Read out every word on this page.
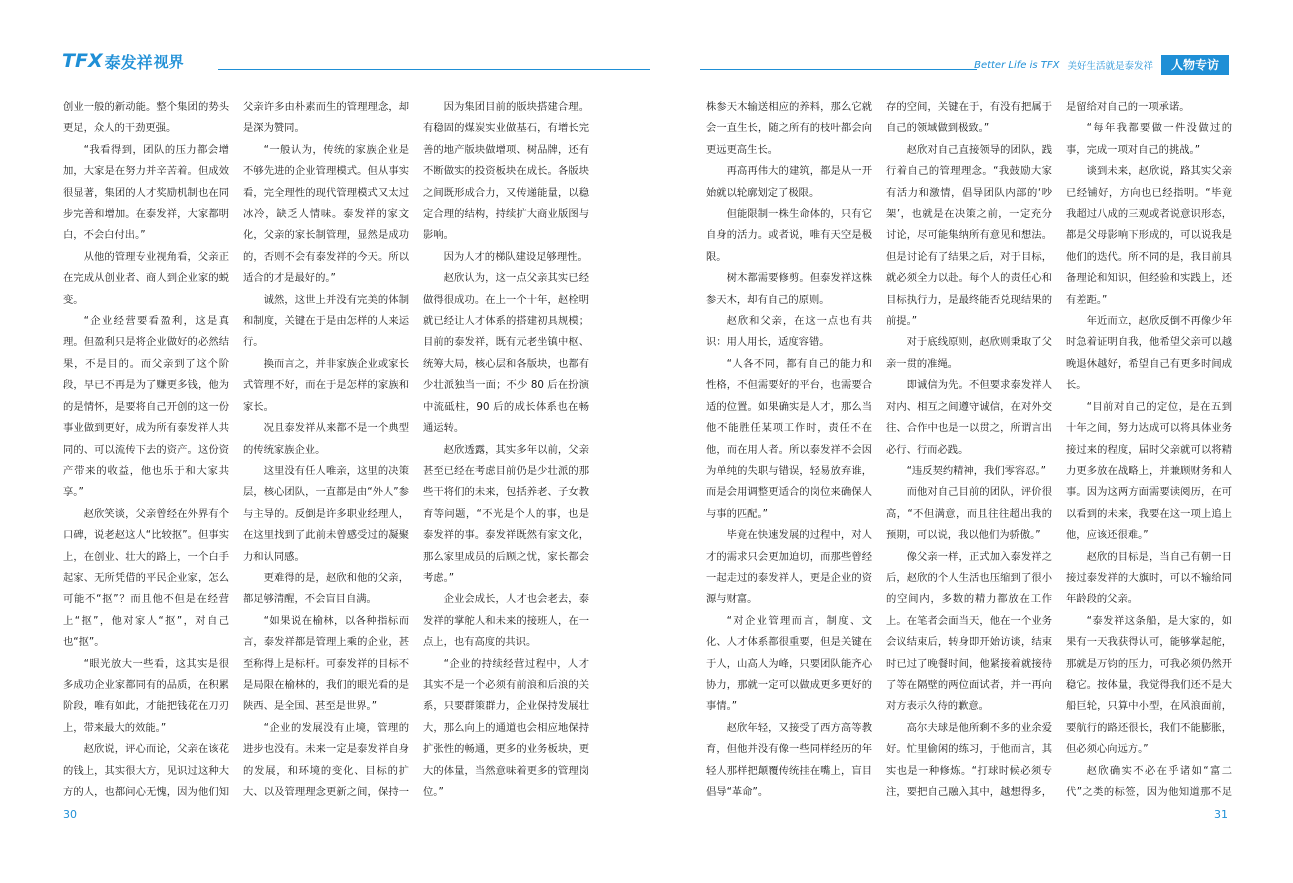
TFX 泰发祥 视界	Better Life is TFX 美好生活就是泰发祥	人物专访

创业一般的新动能。整个集团的势头更足，众人的干劲更强。

“我看得到，团队的压力都会增加，大家是在努力并辛苦着。但成效很显著，集团的人才奖励机制也在同步完善和增加。在泰发祥，大家都明白，不会白付出。”

从他的管理专业视角看，父亲正在完成从创业者、商人到企业家的蜕变。

“企业经营要看盈利，这是真理。但盈利只是将企业做好的必然结果，不是目的。而父亲到了这个阶段，早已不再是为了赚更多钱，他为的是情怀，是要将自己开创的这一份事业做到更好，成为所有泰发祥人共同的、可以流传下去的资产。这份资产带来的收益，他也乐于和大家共享。”

赵欣笑谈，父亲曾经在外界有个口碑，说老赵这人“比较抠”。但事实上，在创业、壮大的路上，一个白手起家、无所凭借的平民企业家，怎么可能不“抠”？而且他不但是在经营上“抠”，他对家人“抠”，对自己也“抠”。

“眼光放大一些看，这其实是很多成功企业家都同有的品质，在积累阶段，唯有如此，才能把钱花在刀刃上，带来最大的效能。”

赵欣说，评心而论，父亲在该花的钱上，其实很大方，见识过这种大方的人，也都问心无愧，因为他们知

父亲许多由朴素而生的管理理念，却是深为赞同。

“一般认为，传统的家族企业是不够先进的企业管理模式。但从事实看，完全理性的现代管理模式又太过冰冷，缺乏人情味。泰发祥的家文化，父亲的家长制管理，显然是成功的，否则不会有泰发祥的今天。所以适合的才是最好的。”

诚然，这世上并没有完美的体制和制度，关键在于是由怎样的人来运行。

换而言之，并非家族企业或家长式管理不好，而在于是怎样的家族和家长。

况且泰发祥从来都不是一个典型的传统家族企业。

这里没有任人唯亲，这里的决策层，核心团队，一直都是由“外人”参与主导的。反倒是许多职业经理人，在这里找到了此前未曾感受过的凝聚力和认同感。

更难得的是，赵欣和他的父亲，都足够清醒，不会盲目自满。

“如果说在榆林，以各种指标而言，泰发祥都是管理上乘的企业，甚至称得上是标杆。可泰发祥的目标不是局限在榆林的，我们的眼光看的是陕西、是全国、甚至是世界。”

“企业的发展没有止境，管理的进步也没有。未来一定是泰发祥自身的发展，和环境的变化、目标的扩大、以及管理理念更新之间，保持一

因为集团目前的版块搭建合理。有稳固的煤炭实业做基石，有增长完善的地产版块做增项、树品牌，还有不断做实的投资板块在成长。各版块之间既形成合力，又传递能量，以稳定合理的结构，持续扩大商业版图与影响。

因为人才的梯队建设足够理性。

赵欣认为，这一点父亲其实已经做得很成功。在上一个十年，赵栓明就已经让人才体系的搭建初具规模；目前的泰发祥，既有元老坐镇中枢、统筹大局，核心层和各版块，也都有少壮派独当一面；不少 80 后在扮演中流砥柱，90 后的成长体系也在畅通运转。

赵欣透露，其实多年以前，父亲甚至已经在考虑目前仍是少壮派的那些干将们的未来，包括养老、子女教育等问题，“不光是个人的事，也是泰发祥的事。泰发祥既然有家文化，那么家里成员的后顾之忧，家长都会考虑。”

企业会成长，人才也会老去，泰发祥的掌舵人和未来的接班人，在一点上，也有高度的共识。

“企业的持续经营过程中，人才其实不是一个必须有前浪和后浪的关系，只要群策群力，企业保持发展壮大，那么向上的通道也会相应地保持扩张性的畅通，更多的业务板块，更大的体量，当然意味着更多的管理岗位。”

株参天木输送相应的养料，那么它就会一直生长，随之所有的枝叶都会向更远更高生长。

再高再伟大的建筑，都是从一开始就以轮廓划定了极限。

但能限制一株生命体的，只有它自身的活力。或者说，唯有天空是极限。

树木都需要修剪。但泰发祥这株参天木，却有自己的原则。

赵欣和父亲，在这一点也有共识：用人用长，适度容错。

“人各不同，都有自己的能力和性格，不但需要好的平台，也需要合适的位置。如果确实是人才，那么当他不能胜任某项工作时，责任不在他，而在用人者。所以泰发祥不会因为单纯的失职与错误，轻易放弃谁，而是会用调整更适合的岗位来确保人与事的匹配。”

毕竟在快速发展的过程中，对人才的需求只会更加迫切，而那些曾经一起走过的泰发祥人，更是企业的资源与财富。

“对企业管理而言，制度、文化、人才体系都很重要，但是关键在于人，山高人为峰，只要团队能齐心协力，那就一定可以做成更多更好的事情。”

赵欣年轻，又接受了西方高等教育，但他并没有像一些同样经历的年轻人那样把颠覆传统挂在嘴上，盲目倡导“革命”。

存的空间，关键在于，有没有把属于自己的领域做到极致。”

赵欣对自己直接领导的团队，践行着自己的管理理念。“我鼓励大家有活力和激情，倡导团队内部的‘吵架’，也就是在决策之前，一定充分讨论，尽可能集纳所有意见和想法。但是讨论有了结果之后，对于目标，就必须全力以赴。每个人的责任心和目标执行力，是最终能否兑现结果的前提。”

对于底线原则，赵欣则秉取了父亲一贯的准绳。

即诚信为先。不但要求泰发祥人对内、相互之间遵守诚信，在对外交往、合作中也是一以贯之，所谓言出必行、行而必践。

“违反契约精神，我们零容忍。”

而他对自己目前的团队，评价很高，“不但满意，而且往往超出我的预期，可以说，我以他们为骄傲。”

像父亲一样，正式加入泰发祥之后，赵欣的个人生活也压缩到了很小的空间内，多数的精力都放在工作上。在笔者会面当天，他在一个业务会议结束后，转身即开始访谈，结束时已过了晚餐时间，他紧接着就接待了等在隔壁的两位面试者，并一再向对方表示久待的歉意。

高尔夫球是他所剩不多的业余爱好。忙里偷闲的练习，于他而言，其实也是一种修炼。“打球时候必须专注，要把自己融入其中，越想得多，

是留给对自己的一项承诺。

“每年我都要做一件没做过的事，完成一项对自己的挑战。”

谈到未来，赵欣说，路其实父亲已经铺好，方向也已经指明。“毕竟我超过八成的三观或者说意识形态，都是父母影响下形成的，可以说我是他们的迭代。所不同的是，我目前具备理论和知识，但经验和实践上，还有差距。”

年近而立，赵欣反倒不再像少年时急着证明自我，他希望父亲可以越晚退休越好，希望自己有更多时间成长。

“目前对自己的定位，是在五到十年之间，努力达成可以将具体业务接过来的程度，届时父亲就可以将精力更多放在战略上，并兼顾财务和人事。因为这两方面需要读阅历，在可以看到的未来，我要在这一项上追上他，应该还很难。”

赵欣的目标是，当自己有朝一日接过泰发祥的大旗时，可以不输给同年龄段的父亲。

“泰发祥这条船，是大家的，如果有一天我获得认可，能够掌起舵，那就是万钧的压力，可我必须仍然开稳它。按体量，我觉得我们还不是大船巨轮，只算中小型，在风浪面前，要航行的路还很长，我们不能膨胀，但必须心向远方。”

赵欣确实不必在乎诸如“富二代”之类的标签，因为他知道那不足

30	31
